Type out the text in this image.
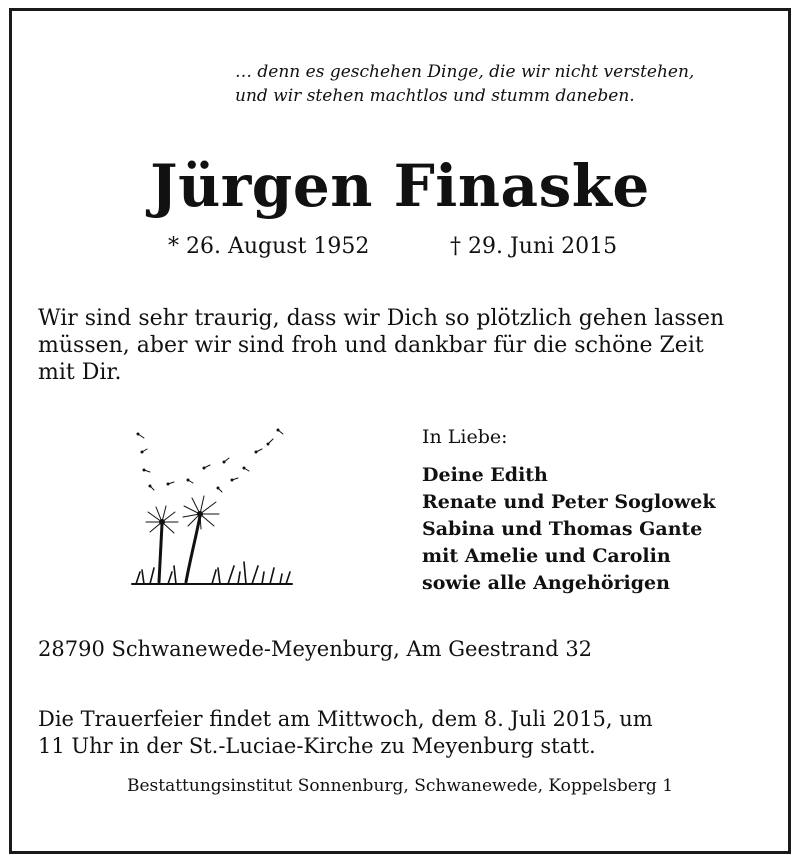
… denn es geschehen Dinge, die wir nicht verstehen,
und wir stehen machtlos und stumm daneben.
Jürgen Finaske
* 26. August 1952	† 29. Juni 2015
Wir sind sehr traurig, dass wir Dich so plötzlich gehen lassen
müssen, aber wir sind froh und dankbar für die schöne Zeit
mit Dir.
In Liebe:
Deine Edith
Renate und Peter Soglowek
Sabina und Thomas Gante
mit Amelie und Carolin
sowie alle Angehörigen
28790 Schwanewede-Meyenburg, Am Geestrand 32
Die Trauerfeier findet am Mittwoch, dem 8. Juli 2015, um
11 Uhr in der St.-Luciae-Kirche zu Meyenburg statt.
Bestattungsinstitut Sonnenburg, Schwanewede, Koppelsberg 1
